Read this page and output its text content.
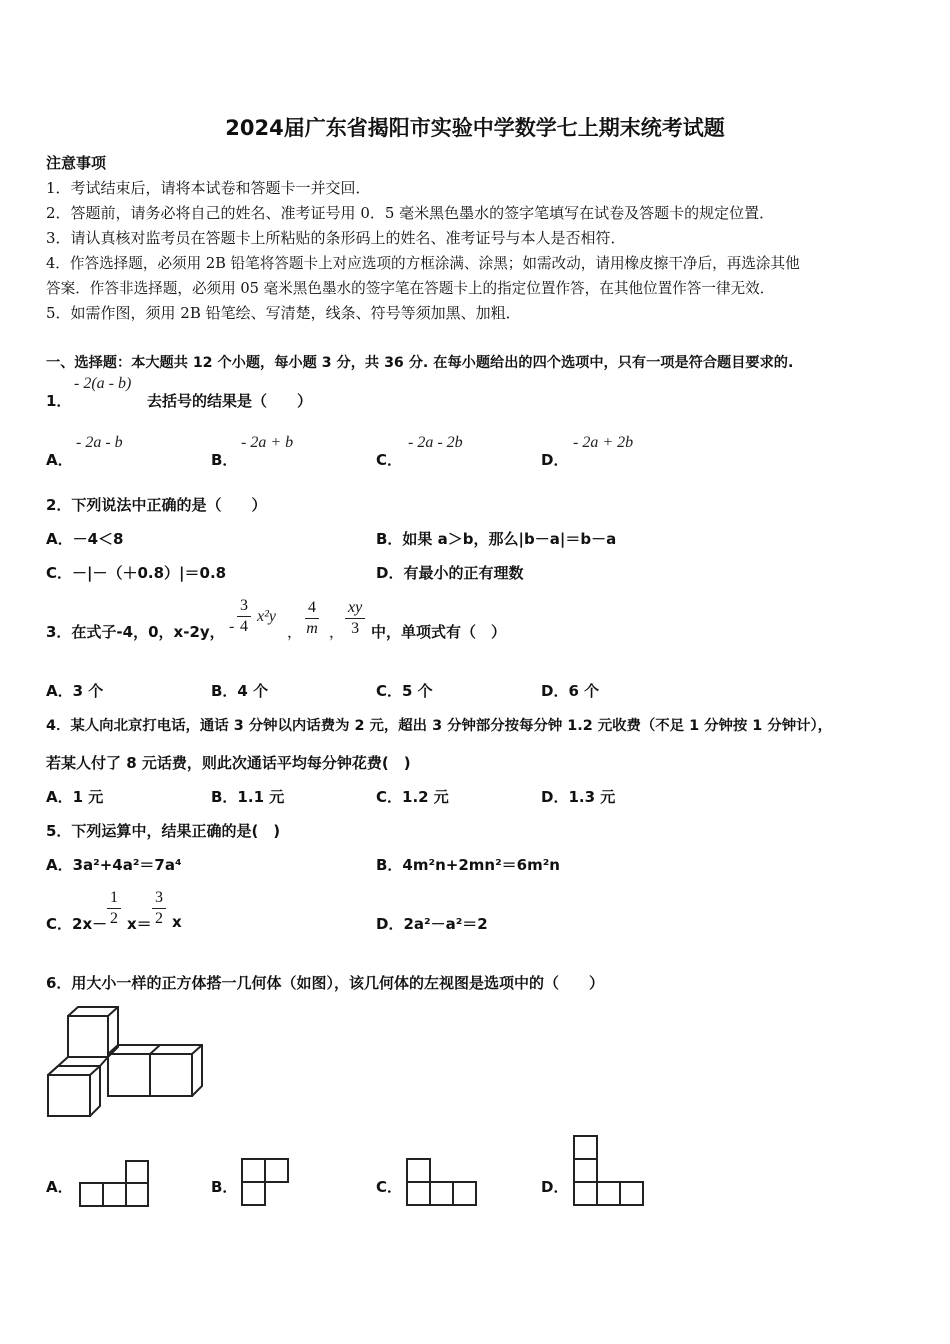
2024届广东省揭阳市实验中学数学七上期末统考试题
注意事项
1．考试结束后，请将本试卷和答题卡一并交回．
2．答题前，请务必将自己的姓名、准考证号用 0．5 毫米黑色墨水的签字笔填写在试卷及答题卡的规定位置．
3．请认真核对监考员在答题卡上所粘贴的条形码上的姓名、准考证号与本人是否相符．
4．作答选择题，必须用 2B 铅笔将答题卡上对应选项的方框涂满、涂黑；如需改动，请用橡皮擦干净后，再选涂其他
答案．作答非选择题，必须用 05 毫米黑色墨水的签字笔在答题卡上的指定位置作答，在其他位置作答一律无效．
5．如需作图，须用 2B 铅笔绘、写清楚，线条、符号等须加黑、加粗．
一、选择题：本大题共 12 个小题，每小题 3 分，共 36 分. 在每小题给出的四个选项中，只有一项是符合题目要求的.
1．
- 2(a - b)
去括号的结果是（　　）
A．
- 2a - b
B．
- 2a + b
C．
- 2a - 2b
D．
- 2a + 2b
2．下列说法中正确的是（　　）
A．－4＜8	B．如果 a＞b，那么|b－a|＝b－a
C．－|－（＋0.8）|＝0.8	D．有最小的正有理数
3．在式子-4，0，x-2y， - $\frac{3}{4} x^2y$
， $\frac{4}{m}$ ， $\frac{xy}{3}$ 中，单项式有（　）
A．3 个	B．4 个	C．5 个	D．6 个
4．某人向北京打电话，通话 3 分钟以内话费为 2 元，超出 3 分钟部分按每分钟 1.2 元收费（不足 1 分钟按 1 分钟计），
若某人付了 8 元话费，则此次通话平均每分钟花费(　)
A．1 元	B．1.1 元	C．1.2 元	D．1.3 元
5．下列运算中，结果正确的是(　)
A．3a²+4a²＝7a⁴	B．4m²n+2mn²＝6m²n
C．$2x- \frac{1}{2} x= \frac{3}{2}$ x	D．2a²－a²＝2
6．用大小一样的正方体搭一几何体（如图），该几何体的左视图是选项中的（　　）
A．	B．	C．	D．
